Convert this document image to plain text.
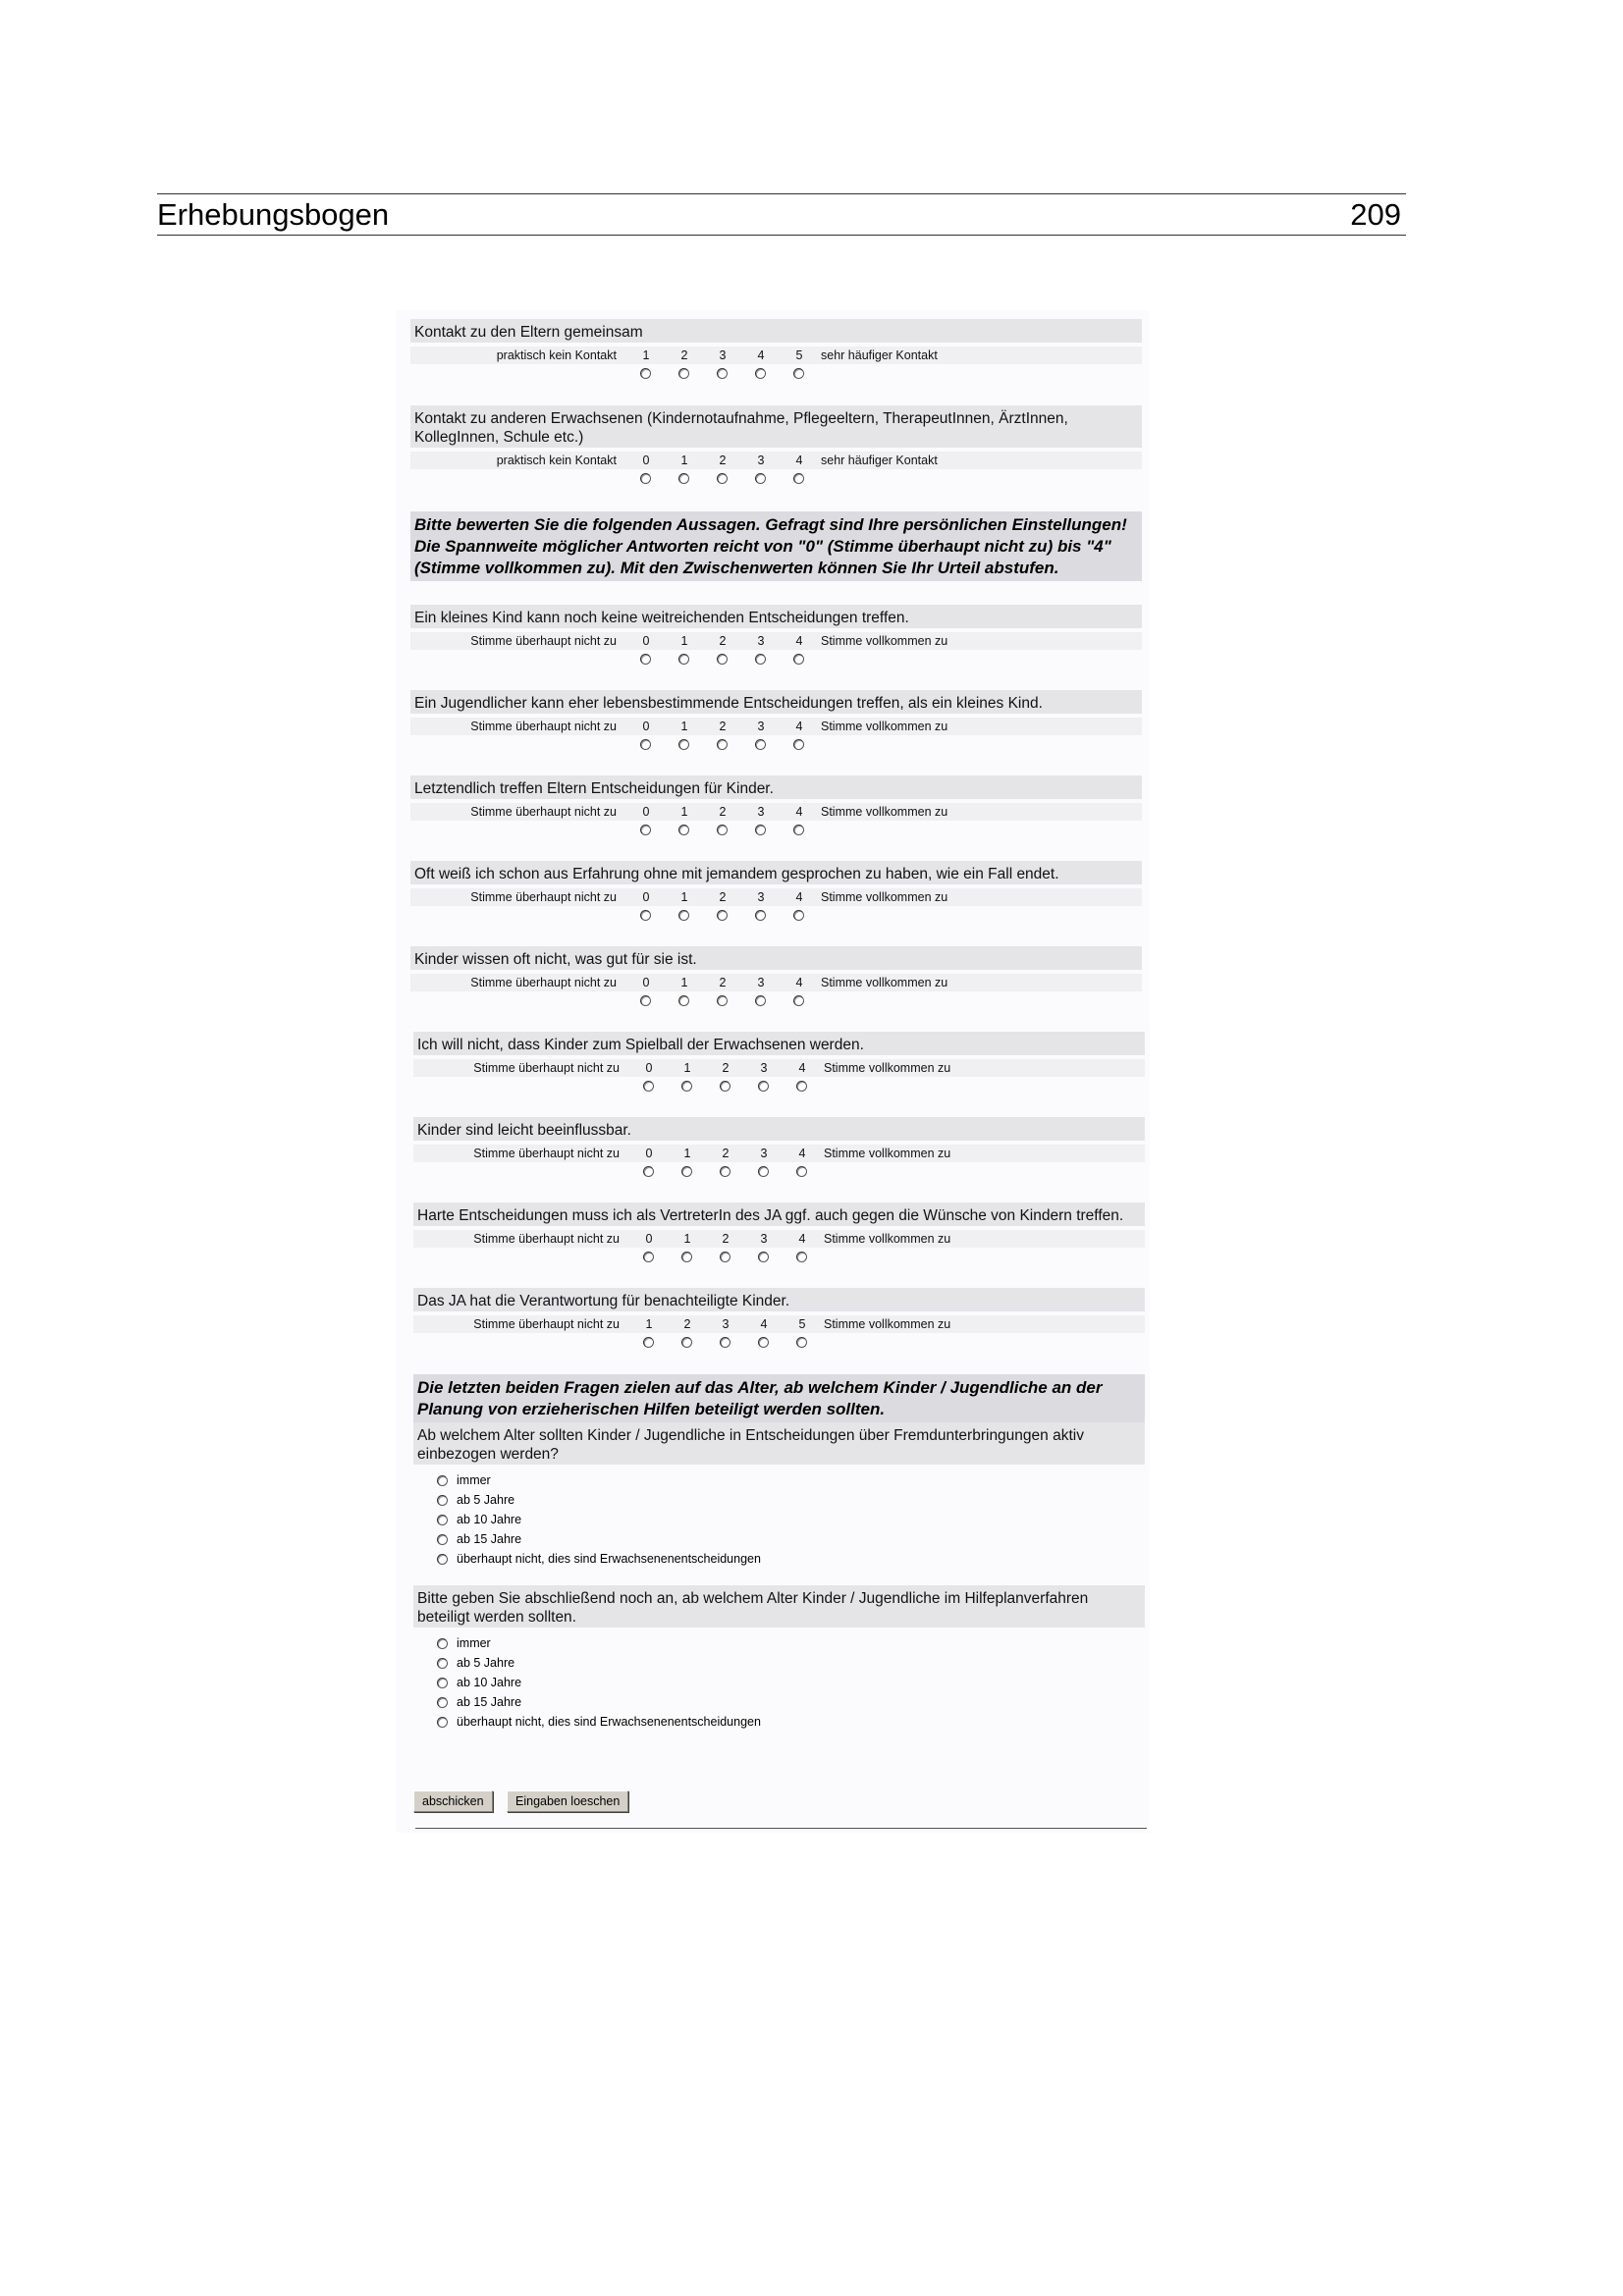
Erhebungsbogen	209
Kontakt zu den Eltern gemeinsam
praktisch kein Kontakt	1	2	3	4	5	sehr häufiger Kontakt
Kontakt zu anderen Erwachsenen (Kindernotaufnahme, Pflegeeltern, TherapeutInnen, ÄrztInnen, KollegInnen, Schule etc.)
praktisch kein Kontakt	0	1	2	3	4	sehr häufiger Kontakt
Bitte bewerten Sie die folgenden Aussagen. Gefragt sind Ihre persönlichen Einstellungen! Die Spannweite möglicher Antworten reicht von "0" (Stimme überhaupt nicht zu) bis "4" (Stimme vollkommen zu). Mit den Zwischenwerten können Sie Ihr Urteil abstufen.
Ein kleines Kind kann noch keine weitreichenden Entscheidungen treffen.
Stimme überhaupt nicht zu	0	1	2	3	4	Stimme vollkommen zu
Ein Jugendlicher kann eher lebensbestimmende Entscheidungen treffen, als ein kleines Kind.
Stimme überhaupt nicht zu	0	1	2	3	4	Stimme vollkommen zu
Letztendlich treffen Eltern Entscheidungen für Kinder.
Stimme überhaupt nicht zu	0	1	2	3	4	Stimme vollkommen zu
Oft weiß ich schon aus Erfahrung ohne mit jemandem gesprochen zu haben, wie ein Fall endet.
Stimme überhaupt nicht zu	0	1	2	3	4	Stimme vollkommen zu
Kinder wissen oft nicht, was gut für sie ist.
Stimme überhaupt nicht zu	0	1	2	3	4	Stimme vollkommen zu
Ich will nicht, dass Kinder zum Spielball der Erwachsenen werden.
Stimme überhaupt nicht zu	0	1	2	3	4	Stimme vollkommen zu
Kinder sind leicht beeinflussbar.
Stimme überhaupt nicht zu	0	1	2	3	4	Stimme vollkommen zu
Harte Entscheidungen muss ich als VertreterIn des JA ggf. auch gegen die Wünsche von Kindern treffen.
Stimme überhaupt nicht zu	0	1	2	3	4	Stimme vollkommen zu
Das JA hat die Verantwortung für benachteiligte Kinder.
Stimme überhaupt nicht zu	1	2	3	4	5	Stimme vollkommen zu
Die letzten beiden Fragen zielen auf das Alter, ab welchem Kinder / Jugendliche an der Planung von erzieherischen Hilfen beteiligt werden sollten.
Ab welchem Alter sollten Kinder / Jugendliche in Entscheidungen über Fremdunterbringungen aktiv einbezogen werden?
immer
ab 5 Jahre
ab 10 Jahre
ab 15 Jahre
überhaupt nicht, dies sind Erwachsenenentscheidungen
Bitte geben Sie abschließend noch an, ab welchem Alter Kinder / Jugendliche im Hilfeplanverfahren beteiligt werden sollten.
immer
ab 5 Jahre
ab 10 Jahre
ab 15 Jahre
überhaupt nicht, dies sind Erwachsenenentscheidungen
abschicken	Eingaben loeschen
